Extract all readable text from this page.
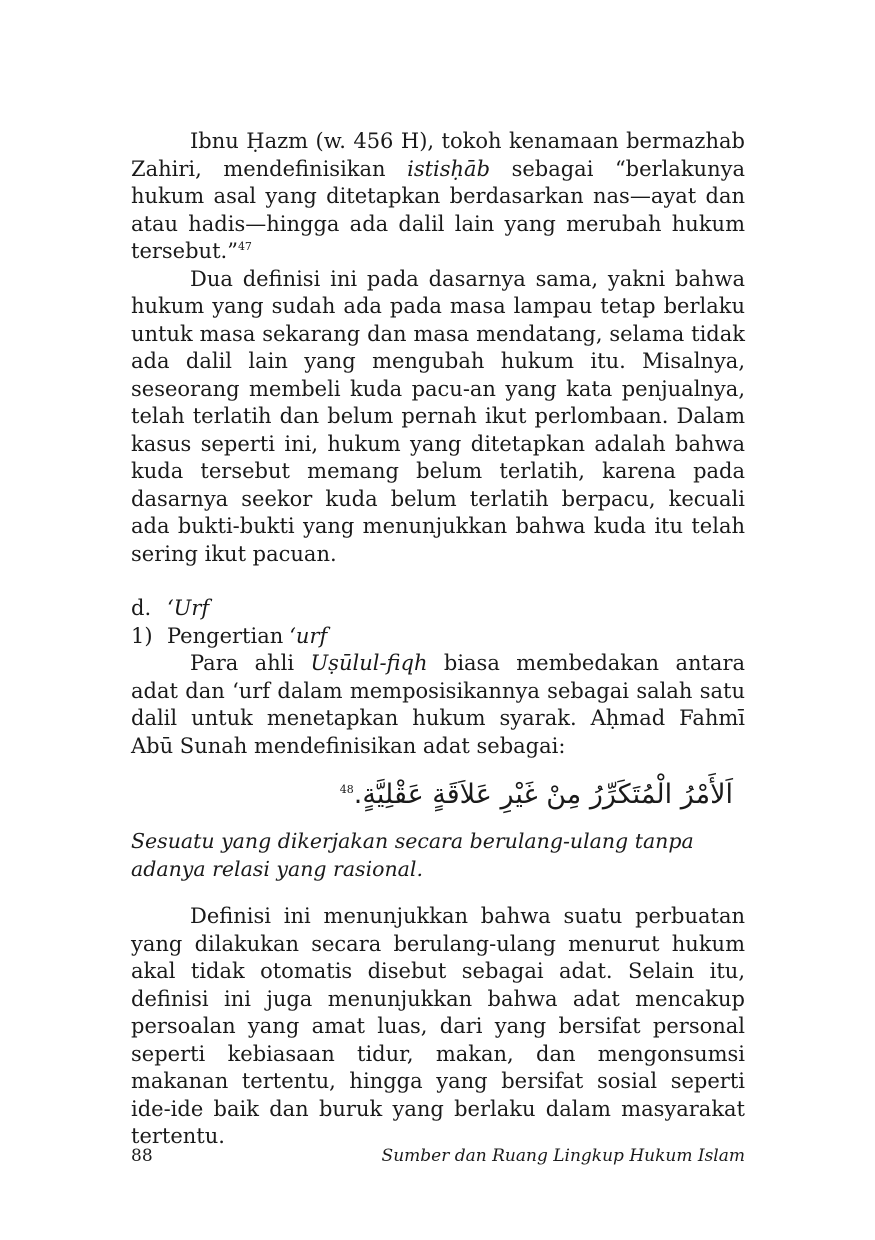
Ibnu Ḥazm (w. 456 H), tokoh kenamaan bermazhab Zahiri, mendefinisikan istisḥāb sebagai “berlakunya hukum asal yang ditetapkan berdasarkan nas—ayat dan atau hadis—hingga ada dalil lain yang merubah hukum tersebut.”$^{47}$

Dua definisi ini pada dasarnya sama, yakni bahwa hukum yang sudah ada pada masa lampau tetap berlaku untuk masa sekarang dan masa mendatang, selama tidak ada dalil lain yang mengubah hukum itu. Misalnya, seseorang membeli kuda pacu-an yang kata penjualnya, telah terlatih dan belum pernah ikut perlombaan. Dalam kasus seperti ini, hukum yang ditetapkan adalah bahwa kuda tersebut memang belum terlatih, karena pada dasarnya seekor kuda belum terlatih berpacu, kecuali ada bukti-bukti yang menunjukkan bahwa kuda itu telah sering ikut pacuan.

d. ‘Urf

1) Pengertian ‘urf

Para ahli Uṣūlul-fiqh biasa membedakan antara adat dan ‘urf dalam memposisikannya sebagai salah satu dalil untuk menetapkan hukum syarak. Aḥmad Fahmī Abū Sunah mendefinisikan adat sebagai:

اَلأَمْرُ الْمُتَكَرِّرُ مِنْ غَيْرِ عَلاَقَةٍ عَقْلِيَّةٍ.$^{48}$

Sesuatu yang dikerjakan secara berulang-ulang tanpa adanya relasi yang rasional.

Definisi ini menunjukkan bahwa suatu perbuatan yang dilakukan secara berulang-ulang menurut hukum akal tidak otomatis disebut sebagai adat. Selain itu, definisi ini juga menunjukkan bahwa adat mencakup persoalan yang amat luas, dari yang bersifat personal seperti kebiasaan tidur, makan, dan mengonsumsi makanan tertentu, hingga yang bersifat sosial seperti ide-ide baik dan buruk yang berlaku dalam masyarakat tertentu.

88	Sumber dan Ruang Lingkup Hukum Islam
